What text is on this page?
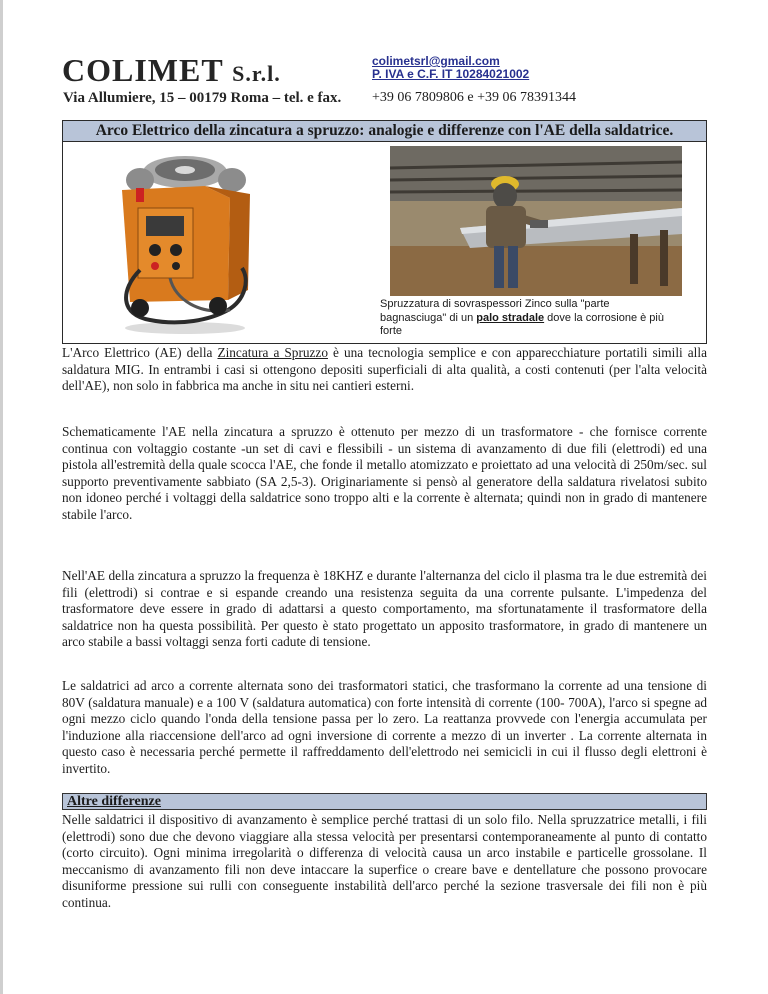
COLIMET S.r.l.
Via Allumiere, 15 – 00179 Roma – tel. e fax.
colimetsrl@gmail.com
P. IVA e C.F. IT 10284021002
+39 06 7809806 e +39 06 78391344
Arco Elettrico della zincatura a spruzzo: analogie e differenze con l'AE della saldatrice.
Spruzzatura di sovraspessori Zinco sulla "parte bagnasciuga" di un palo stradale dove la corrosione è più forte

L'Arco Elettrico (AE) della Zincatura a Spruzzo è una tecnologia semplice e con apparecchiature portatili simili alla saldatura MIG. In entrambi i casi si ottengono depositi superficiali di alta qualità, a costi contenuti (per l'alta velocità dell'AE), non solo in fabbrica ma anche in situ nei cantieri esterni.

Schematicamente l'AE nella zincatura a spruzzo è ottenuto per mezzo di un trasformatore - che fornisce corrente continua con voltaggio costante -un set di cavi e flessibili - un sistema di avanzamento di due fili (elettrodi) ed una pistola all'estremità della quale scocca l'AE, che fonde il metallo atomizzato e proiettato ad una velocità di 250m/sec. sul supporto preventivamente sabbiato (SA 2,5-3). Originariamente si pensò al generatore della saldatura rivelatosi subito non idoneo perché i voltaggi della saldatrice sono troppo alti e la corrente è alternata; quindi non in grado di mantenere stabile l'arco.

Nell'AE della zincatura a spruzzo la frequenza è 18KHZ e durante l'alternanza del ciclo il plasma tra le due estremità dei fili (elettrodi) si contrae e si espande creando una resistenza seguita da una corrente pulsante. L'impedenza del trasformatore deve essere in grado di adattarsi a questo comportamento, ma sfortunatamente il trasformatore della saldatrice non ha questa possibilità. Per questo è stato progettato un apposito trasformatore, in grado di mantenere un arco stabile a bassi voltaggi senza forti cadute di tensione.

Le saldatrici ad arco a corrente alternata sono dei trasformatori statici, che trasformano la corrente ad una tensione di 80V (saldatura manuale) e a 100 V (saldatura automatica) con forte intensità di corrente (100- 700A), l'arco si spegne ad ogni mezzo ciclo quando l'onda della tensione passa per lo zero. La reattanza provvede con l'energia accumulata per l'induzione alla riaccensione dell'arco ad ogni inversione di corrente a mezzo di un inverter . La corrente alternata in questo caso è necessaria perché permette il raffreddamento dell'elettrodo nei semicicli in cui il flusso degli elettroni è invertito.

Altre differenze

Nelle saldatrici il dispositivo di avanzamento è semplice perché trattasi di un solo filo. Nella spruzzatrice metalli, i fili (elettrodi) sono due che devono viaggiare alla stessa velocità per presentarsi contemporaneamente al punto di contatto (corto circuito). Ogni minima irregolarità o differenza di velocità causa un arco instabile e particelle grossolane. Il meccanismo di avanzamento fili non deve intaccare la superfice o creare bave e dentellature che possono provocare disuniforme pressione sui rulli con conseguente instabilità dell'arco perché la sezione trasversale dei fili non è più continua.
